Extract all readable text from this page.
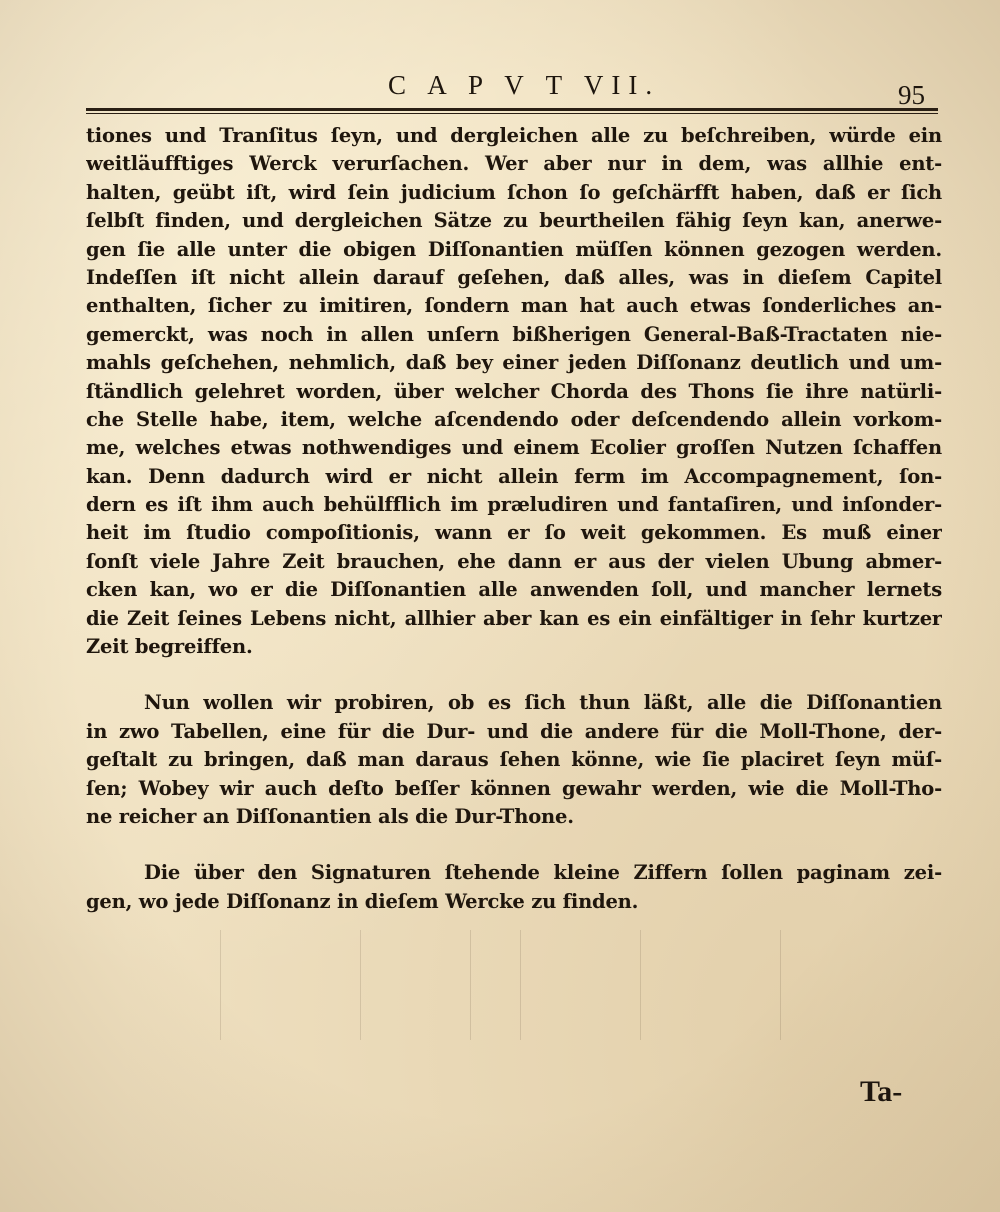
C A P V T VII.	95
tiones und Tranſitus ſeyn, und dergleichen alle zu beſchreiben, würde ein
weitläufftiges Werck verurſachen. Wer aber nur in dem, was allhie ent-
halten, geübt iſt, wird ſein judicium ſchon ſo geſchärfft haben, daß er ſich
ſelbſt finden, und dergleichen Sätze zu beurtheilen fähig ſeyn kan, anerwe-
gen ſie alle unter die obigen Diſſonantien müſſen können gezogen werden.
Indeſſen iſt nicht allein darauf geſehen, daß alles, was in dieſem Capitel
enthalten, ſicher zu imitiren, ſondern man hat auch etwas ſonderliches an-
gemerckt, was noch in allen unſern bißherigen General-Baß-Tractaten nie-
mahls geſchehen, nehmlich, daß bey einer jeden Diſſonanz deutlich und um-
ſtändlich gelehret worden, über welcher Chorda des Thons ſie ihre natürli-
che Stelle habe, item, welche aſcendendo oder deſcendendo allein vorkom-
me, welches etwas nothwendiges und einem Ecolier groſſen Nutzen ſchaffen
kan. Denn dadurch wird er nicht allein ferm im Accompagnement, ſon-
dern es iſt ihm auch behülfflich im præludiren und fantaſiren, und inſonder-
heit im ſtudio compoſitionis, wann er ſo weit gekommen. Es muß einer
ſonſt viele Jahre Zeit brauchen, ehe dann er aus der vielen Ubung abmer-
cken kan, wo er die Diſſonantien alle anwenden ſoll, und mancher lernets
die Zeit ſeines Lebens nicht, allhier aber kan es ein einfältiger in ſehr kurtzer
Zeit begreiffen.
Nun wollen wir probiren, ob es ſich thun läßt, alle die Diſſonantien
in zwo Tabellen, eine für die Dur- und die andere für die Moll-Thone, der-
geſtalt zu bringen, daß man daraus ſehen könne, wie ſie placiret ſeyn müſ-
ſen; Wobey wir auch deſto beſſer können gewahr werden, wie die Moll-Tho-
ne reicher an Diſſonantien als die Dur-Thone.
Die über den Signaturen ſtehende kleine Ziffern ſollen paginam zei-
gen, wo jede Diſſonanz in dieſem Wercke zu finden.
Ta-
